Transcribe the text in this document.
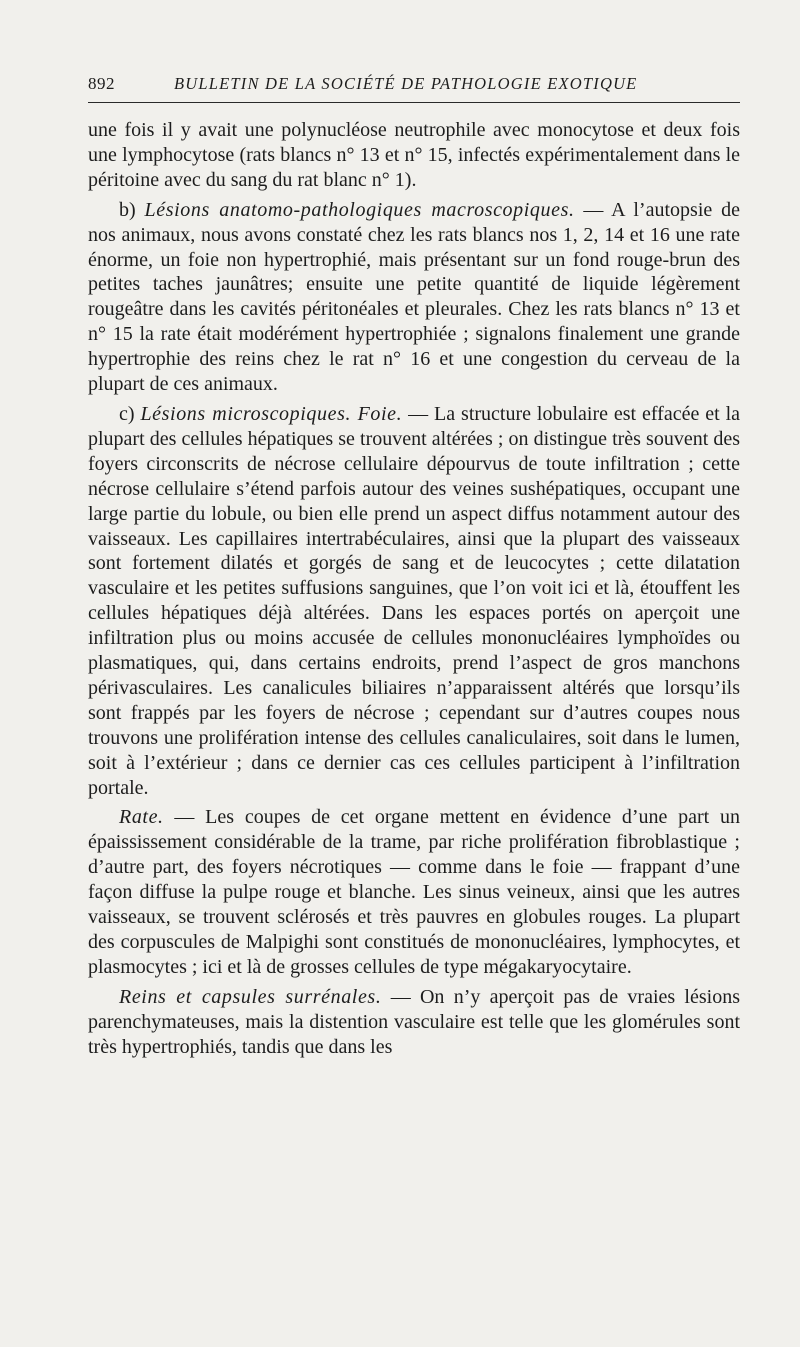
892	BULLETIN DE LA SOCIÉTÉ DE PATHOLOGIE EXOTIQUE

une fois il y avait une polynucléose neutrophile avec monocytose et deux fois une lymphocytose (rats blancs n° 13 et n° 15, infectés expérimentalement dans le péritoine avec du sang du rat blanc n° 1).

b) Lésions anatomo-pathologiques macroscopiques. — A l’autopsie de nos animaux, nous avons constaté chez les rats blancs nos 1, 2, 14 et 16 une rate énorme, un foie non hypertrophié, mais présentant sur un fond rouge-brun des petites taches jaunâtres; ensuite une petite quantité de liquide légèrement rougeâtre dans les cavités péritonéales et pleurales. Chez les rats blancs n° 13 et n° 15 la rate était modérément hypertrophiée ; signalons finalement une grande hypertrophie des reins chez le rat n° 16 et une congestion du cerveau de la plupart de ces animaux.

c) Lésions microscopiques. Foie. — La structure lobulaire est effacée et la plupart des cellules hépatiques se trouvent altérées ; on distingue très souvent des foyers circonscrits de nécrose cellulaire dépourvus de toute infiltration ; cette nécrose cellulaire s’étend parfois autour des veines sushépatiques, occupant une large partie du lobule, ou bien elle prend un aspect diffus notamment autour des vaisseaux. Les capillaires intertrabéculaires, ainsi que la plupart des vaisseaux sont fortement dilatés et gorgés de sang et de leucocytes ; cette dilatation vasculaire et les petites suffusions sanguines, que l’on voit ici et là, étouffent les cellules hépatiques déjà altérées. Dans les espaces portés on aperçoit une infiltration plus ou moins accusée de cellules mononucléaires lymphoïdes ou plasmatiques, qui, dans certains endroits, prend l’aspect de gros manchons périvasculaires. Les canalicules biliaires n’apparaissent altérés que lorsqu’ils sont frappés par les foyers de nécrose ; cependant sur d’autres coupes nous trouvons une prolifération intense des cellules canaliculaires, soit dans le lumen, soit à l’extérieur ; dans ce dernier cas ces cellules participent à l’infiltration portale.

Rate. — Les coupes de cet organe mettent en évidence d’une part un épaississement considérable de la trame, par riche prolifération fibroblastique ; d’autre part, des foyers nécrotiques — comme dans le foie — frappant d’une façon diffuse la pulpe rouge et blanche. Les sinus veineux, ainsi que les autres vaisseaux, se trouvent sclérosés et très pauvres en globules rouges. La plupart des corpuscules de Malpighi sont constitués de mononucléaires, lymphocytes, et plasmocytes ; ici et là de grosses cellules de type mégakaryocytaire.

Reins et capsules surrénales. — On n’y aperçoit pas de vraies lésions parenchymateuses, mais la distention vasculaire est telle que les glomérules sont très hypertrophiés, tandis que dans les
